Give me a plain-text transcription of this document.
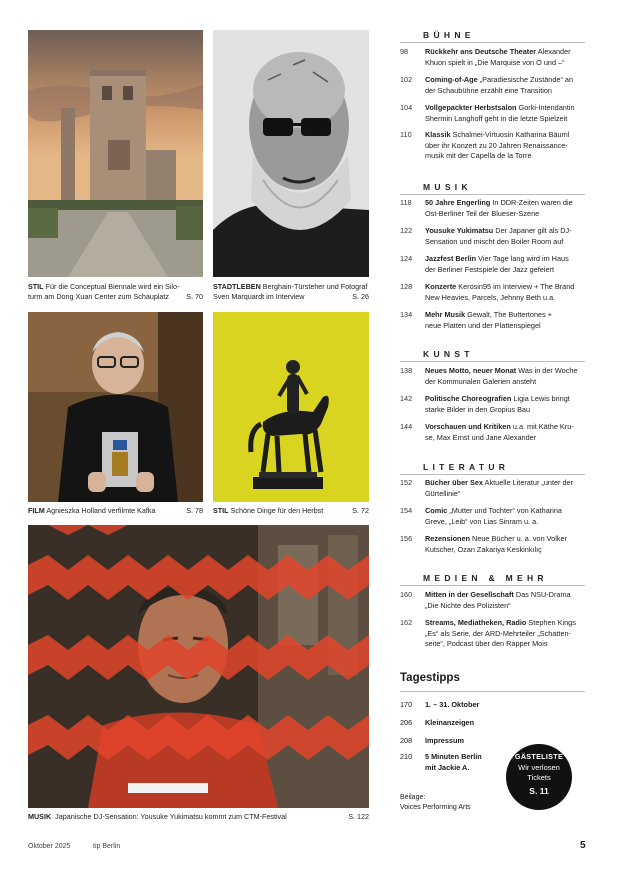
STIL Für die Conceptual Biennale wird ein Silo-
turm am Dong Xuan Center zum Schauplatz S. 70
STADTLEBEN Berghain-Türsteher und Fotograf
Sven Marquardt im Interview	S. 26
FILM Agnieszka Holland verfilmte Kafka	S. 78 STIL Schöne Dinge für den Herbst	S. 72
MUSIK Japanische DJ-Sensation: Yousuke Yukimatsu kommt zum CTM-Festival	S. 122
BÜHNE
98 Rückkehr ans Deutsche Theater Alexander
Khuon spielt in „Die Marquise von O und –“
102 Coming-of-Age „Paradiesische Zustände“ an
der Schaubühne erzählt eine Transition
104 Vollgepackter Herbstsalon Gorki-Intendantin
Shermin Langhoff geht in die letzte Spielzeit
110 Klassik Schalmei-Virtuosin Katharina Bäuml
über ihr Konzert zu 20 Jahren Renaissance-
musik mit der Capella de la Torre
MUSIK
118 50 Jahre Engerling In DDR-Zeiten waren die
Ost-Berliner Teil der Blueser-Szene
122 Yousuke Yukimatsu Der Japaner gilt als DJ-
Sensation und mischt den Boiler Room auf
124 Jazzfest Berlin Vier Tage lang wird im Haus
der Berliner Festspiele der Jazz gefeiert
128 Konzerte Kerosin95 im Interview + The Brand
New Heavies, Parcels, Jehnny Beth u.a.
134 Mehr Musik Gewalt, The Buttertones +
neue Platten und der Plattenspiegel
KUNST
138 Neues Motto, neuer Monat Was in der Woche
der Kommunalen Galerien ansteht
142 Politische Choreografien Ligia Lewis bringt
starke Bilder in den Gropius Bau
144 Vorschauen und Kritiken u.a. mit Käthe Kru-
se, Max Ernst und Jane Alexander
LITERATUR
152 Bücher über Sex Aktuelle Literatur „unter der
Gürtellinie“
154 Comic „Mutter und Tochter“ von Katharina
Greve, „Leib“ von Lias Sinram u. a.
156 Rezensionen Neue Bücher u. a. von Volker
Kutscher, Ozan Zakariya Keskinkılıç
MEDIEN & MEHR
160 Mitten in der Gesellschaft Das NSU-Drama
„Die Nichte des Polizisten“
162 Streams, Mediatheken, Radio Stephen Kings
„Es“ als Serie, der ARD-Mehrteiler „Schatten-
seite“, Podcast über den Rapper Mois
Tagestipps
170 1. – 31. Oktober
206 Kleinanzeigen
208 Impressum
210 5 Minuten Berlin
mit Jackie A.
GÄSTELISTE
Wir verlosen
Tickets
S. 11
Beilage:
Voices Performing Arts
Oktober 2025	tip Berlin	5
